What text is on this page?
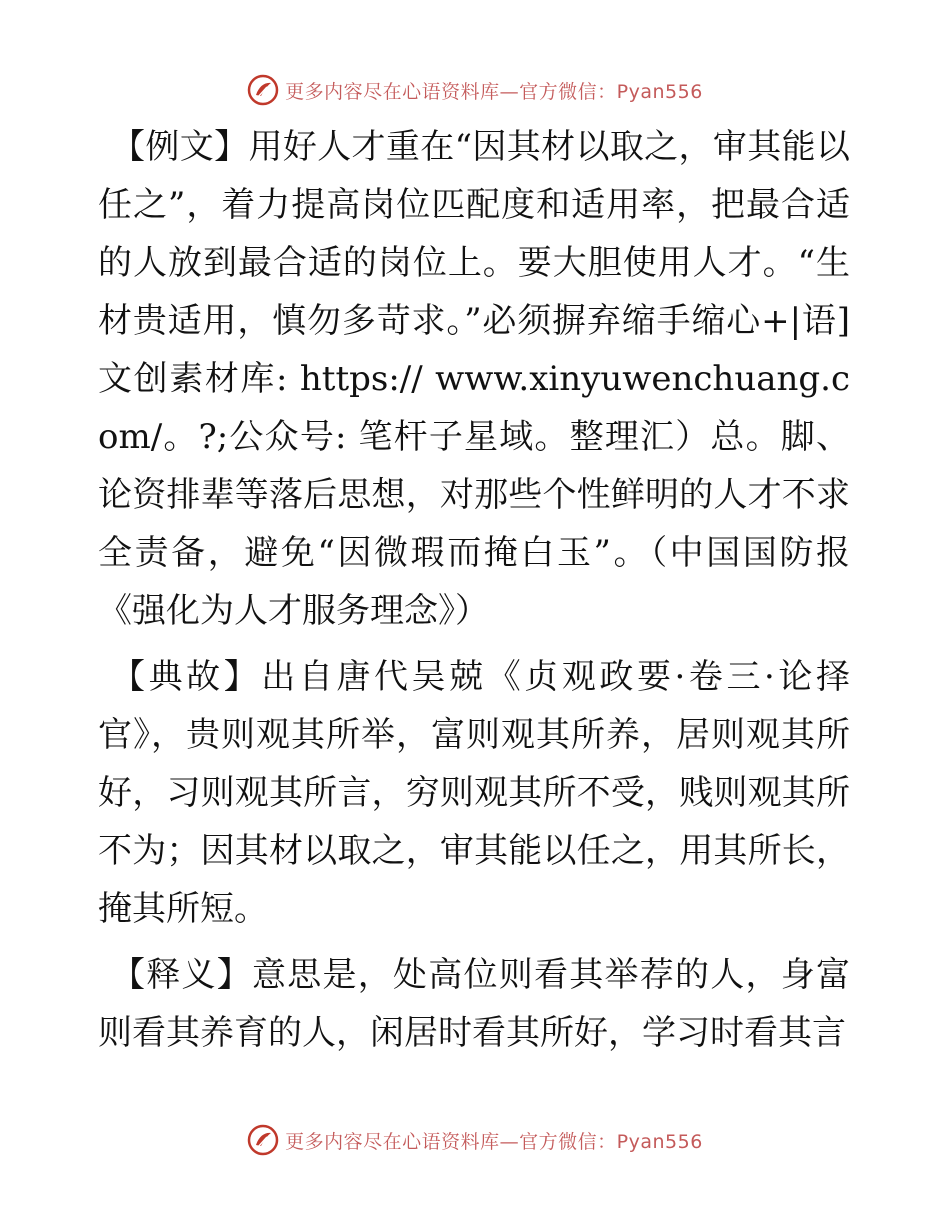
更多内容尽在心语资料库—官方微信：Pyan556

【例文】用好人才重在“因其材以取之，审其能以任之”，着力提高岗位匹配度和适用率，把最合适的人放到最合适的岗位上。要大胆使用人才。“生材贵适用，慎勿多苛求。”必须摒弃缩手缩心+|语]文创素材库: https:// www.xinyuwenchuang.com/。?;公众号: 笔杆子星域。整理汇）总。脚、论资排辈等落后思想，对那些个性鲜明的人才不求全责备，避免“因微瑕而掩白玉”。（中国国防报《强化为人才服务理念》）

【典故】出自唐代吴兢《贞观政要·卷三·论择官》，贵则观其所举，富则观其所养，居则观其所好，习则观其所言，穷则观其所不受，贱则观其所不为；因其材以取之，审其能以任之，用其所长，掩其所短。

【释义】意思是，处高位则看其举荐的人，身富则看其养育的人，闲居时看其所好，学习时看其言

更多内容尽在心语资料库—官方微信：Pyan556
